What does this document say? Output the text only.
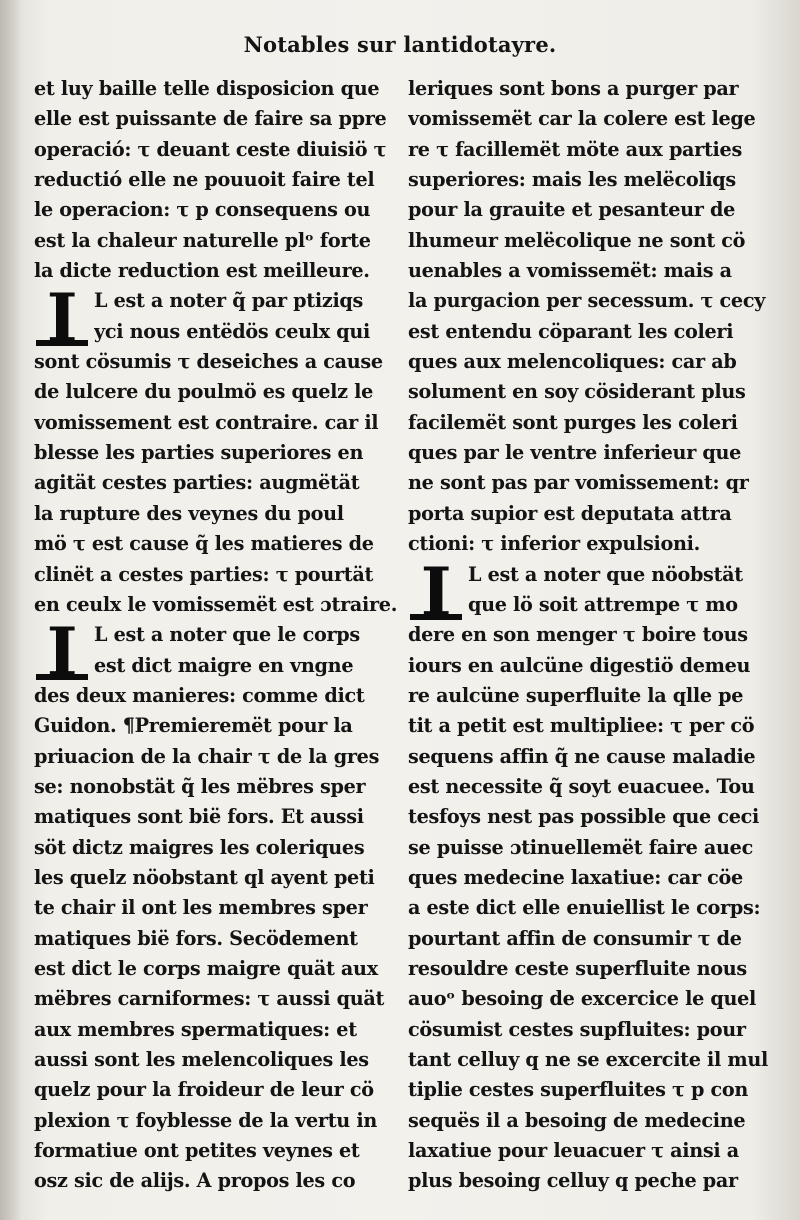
Notables sur lantidotayre.
et luy baille telle disposicion que
elle est puissante de faire sa ppre
operació: τ deuant ceste diuisiö τ
reductió elle ne pouuoit faire tel
le operacion: τ p consequens ou
est la chaleur naturelle plᵒ forte
la dicte reduction est meilleure.
I L est a noter q̃ par ptiziqs
yci nous entëdös ceulx qui
sont cösumis τ deseiches a cause
de lulcere du poulmö es quelz le
vomissement est contraire. car il
blesse les parties superiores en
agität cestes parties: augmëtät
la rupture des veynes du poul
mö τ est cause q̃ les matieres de
clinët a cestes parties: τ pourtät
en ceulx le vomissemët est ɔtraire.
I L est a noter que le corps
est dict maigre en vngne
des deux manieres: comme dict
Guidon. ¶Premieremët pour la
priuacion de la chair τ de la gres
se: nonobstät q̃ les mëbres sper
matiques sont bië fors. Et aussi
söt dictz maigres les coleriques
les quelz nöobstant ql ayent peti
te chair il ont les membres sper
matiques bië fors. Secödement
est dict le corps maigre quät aux
mëbres carniformes: τ aussi quät
aux membres spermatiques: et
aussi sont les melencoliques les
quelz pour la froideur de leur cö
plexion τ foyblesse de la vertu in
formatiue ont petites veynes et
osz sic de alijs. A propos les co
leriques sont bons a purger par
vomissemët car la colere est lege
re τ facillemët möte aux parties
superiores: mais les melëcoliqs
pour la grauite et pesanteur de
lhumeur melëcolique ne sont cö
uenables a vomissemët: mais a
la purgacion per secessum. τ cecy
est entendu cöparant les coleri
ques aux melencoliques: car ab
solument en soy cösiderant plus
facilemët sont purges les coleri
ques par le ventre inferieur que
ne sont pas par vomissement: qr
porta supior est deputata attra
ctioni: τ inferior expulsioni.
I L est a noter que nöobstät
que lö soit attrempe τ mo
dere en son menger τ boire tous
iours en aulcüne digestiö demeu
re aulcüne superfluite la qlle pe
tit a petit est multipliee: τ per cö
sequens affin q̃ ne cause maladie
est necessite q̃ soyt euacuee. Tou
tesfoys nest pas possible que ceci
se puisse ɔtinuellemët faire auec
ques medecine laxatiue: car cöe
a este dict elle enuiellist le corps:
pourtant affin de consumir τ de
resouldre ceste superfluite nous
auoᵒ besoing de excercice le quel
cösumist cestes supfluites: pour
tant celluy q ne se excercite il mul
tiplie cestes superfluites τ p con
sequës il a besoing de medecine
laxatiue pour leuacuer τ ainsi a
plus besoing celluy q peche par
